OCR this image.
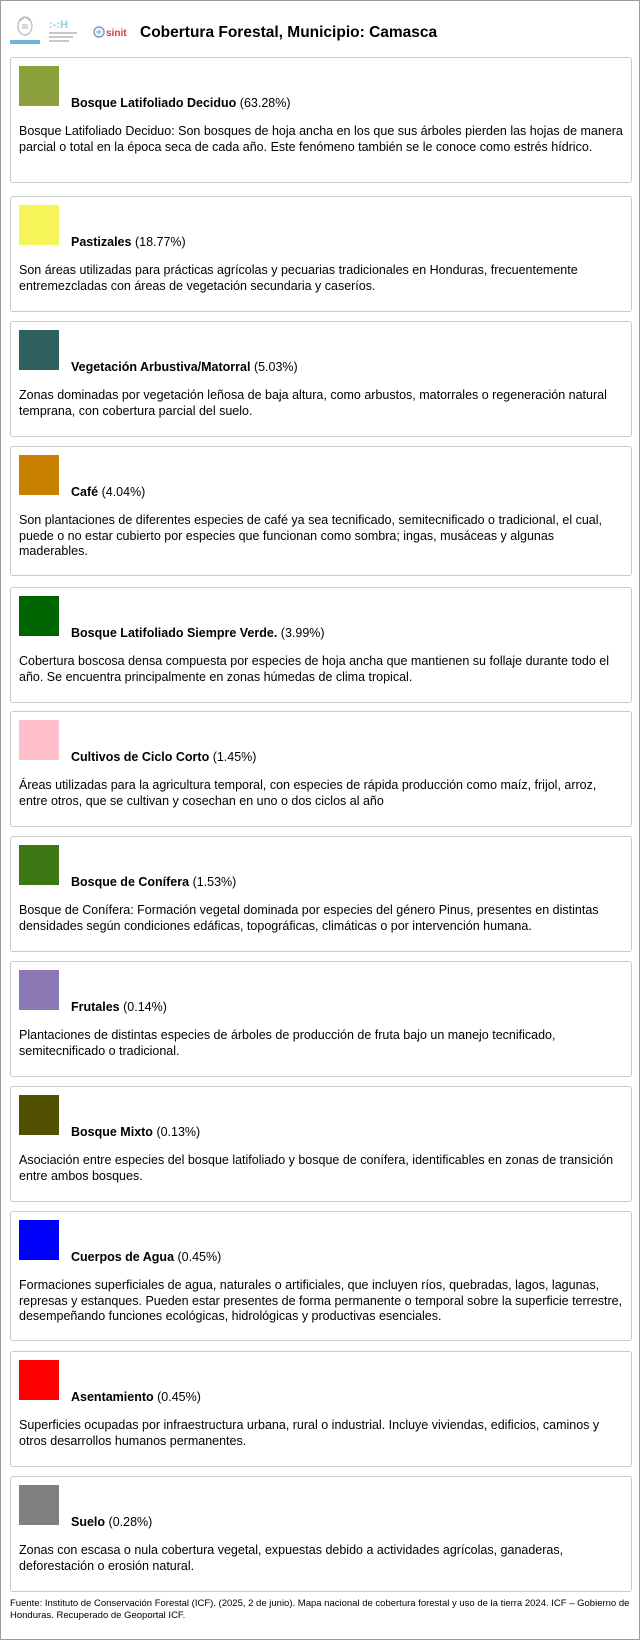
:-:H
sinit Cobertura Forestal, Municipio: Camasca
Bosque Latifoliado Deciduo (63.28%)
Bosque Latifoliado Deciduo: Son bosques de hoja ancha en los que sus árboles pierden las hojas de manera parcial o total en la época seca de cada año. Este fenómeno también se le conoce como estrés hídrico.
Pastizales (18.77%)
Son áreas utilizadas para prácticas agrícolas y pecuarias tradicionales en Honduras, frecuentemente entremezcladas con áreas de vegetación secundaria y caseríos.
Vegetación Arbustiva/Matorral (5.03%)
Zonas dominadas por vegetación leñosa de baja altura, como arbustos, matorrales o regeneración natural temprana, con cobertura parcial del suelo.
Café (4.04%)
Son plantaciones de diferentes especies de café ya sea tecnificado, semitecnificado o tradicional, el cual, puede o no estar cubierto por especies que funcionan como sombra; ingas, musáceas y algunas maderables.
Bosque Latifoliado Siempre Verde. (3.99%)
Cobertura boscosa densa compuesta por especies de hoja ancha que mantienen su follaje durante todo el año. Se encuentra principalmente en zonas húmedas de clima tropical.
Cultivos de Ciclo Corto (1.45%)
Áreas utilizadas para la agricultura temporal, con especies de rápida producción como maíz, frijol, arroz, entre otros, que se cultivan y cosechan en uno o dos ciclos al año
Bosque de Conífera (1.53%)
Bosque de Conífera: Formación vegetal dominada por especies del género Pinus, presentes en distintas densidades según condiciones edáficas, topográficas, climáticas o por intervención humana.
Frutales (0.14%)
Plantaciones de distintas especies de árboles de producción de fruta bajo un manejo tecnificado, semitecnificado o tradicional.
Bosque Mixto (0.13%)
Asociación entre especies del bosque latifoliado y bosque de conífera, identificables en zonas de transición entre ambos bosques.
Cuerpos de Agua (0.45%)
Formaciones superficiales de agua, naturales o artificiales, que incluyen ríos, quebradas, lagos, lagunas, represas y estanques. Pueden estar presentes de forma permanente o temporal sobre la superficie terrestre, desempeñando funciones ecológicas, hidrológicas y productivas esenciales.
Asentamiento (0.45%)
Superficies ocupadas por infraestructura urbana, rural o industrial. Incluye viviendas, edificios, caminos y otros desarrollos humanos permanentes.
Suelo (0.28%)
Zonas con escasa o nula cobertura vegetal, expuestas debido a actividades agrícolas, ganaderas, deforestación o erosión natural.
Fuente: Instituto de Conservación Forestal (ICF). (2025, 2 de junio). Mapa nacional de cobertura forestal y uso de la tierra 2024. ICF – Gobierno de Honduras. Recuperado de Geoportal ICF.
